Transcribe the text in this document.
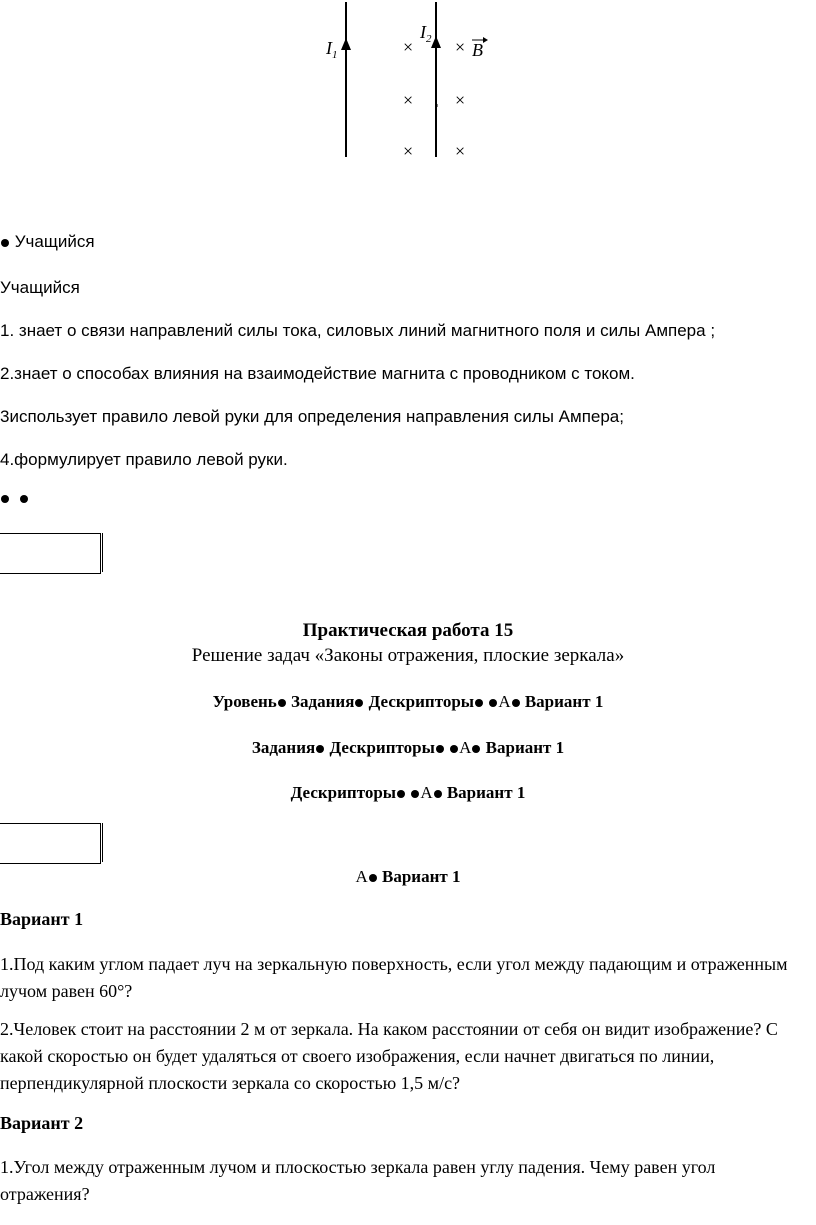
$I_1$
$I_2$
× ×
× ×
× ×
B
Учащийся
Учащийся
1. знает о связи направлений силы тока, силовых линий магнитного поля и силы Ампера ;
2.знает о способах влияния на взаимодействие магнита с проводником с током.
3использует правило левой руки для определения направления силы Ампера;
4.формулирует правило левой руки.

Практическая работа 15
Решение задач «Законы отражения, плоские зеркала»
Уровень Задания Дескрипторы А Вариант 1
Задания Дескрипторы А Вариант 1
Дескрипторы А Вариант 1
А Вариант 1
Вариант 1
1.Под каким углом падает луч на зеркальную поверхность, если угол между падающим и отраженным лучом равен 60°?
2.Человек стоит на расстоянии 2 м от зеркала. На каком расстоянии от себя он видит изображение? С какой скоростью он будет удаляться от своего изображения, если начнет двигаться по линии, перпендикулярной плоскости зеркала со скоростью 1,5 м/с?
Вариант 2
1.Угол между отраженным лучом и плоскостью зеркала равен углу падения. Чему равен угол отражения?
